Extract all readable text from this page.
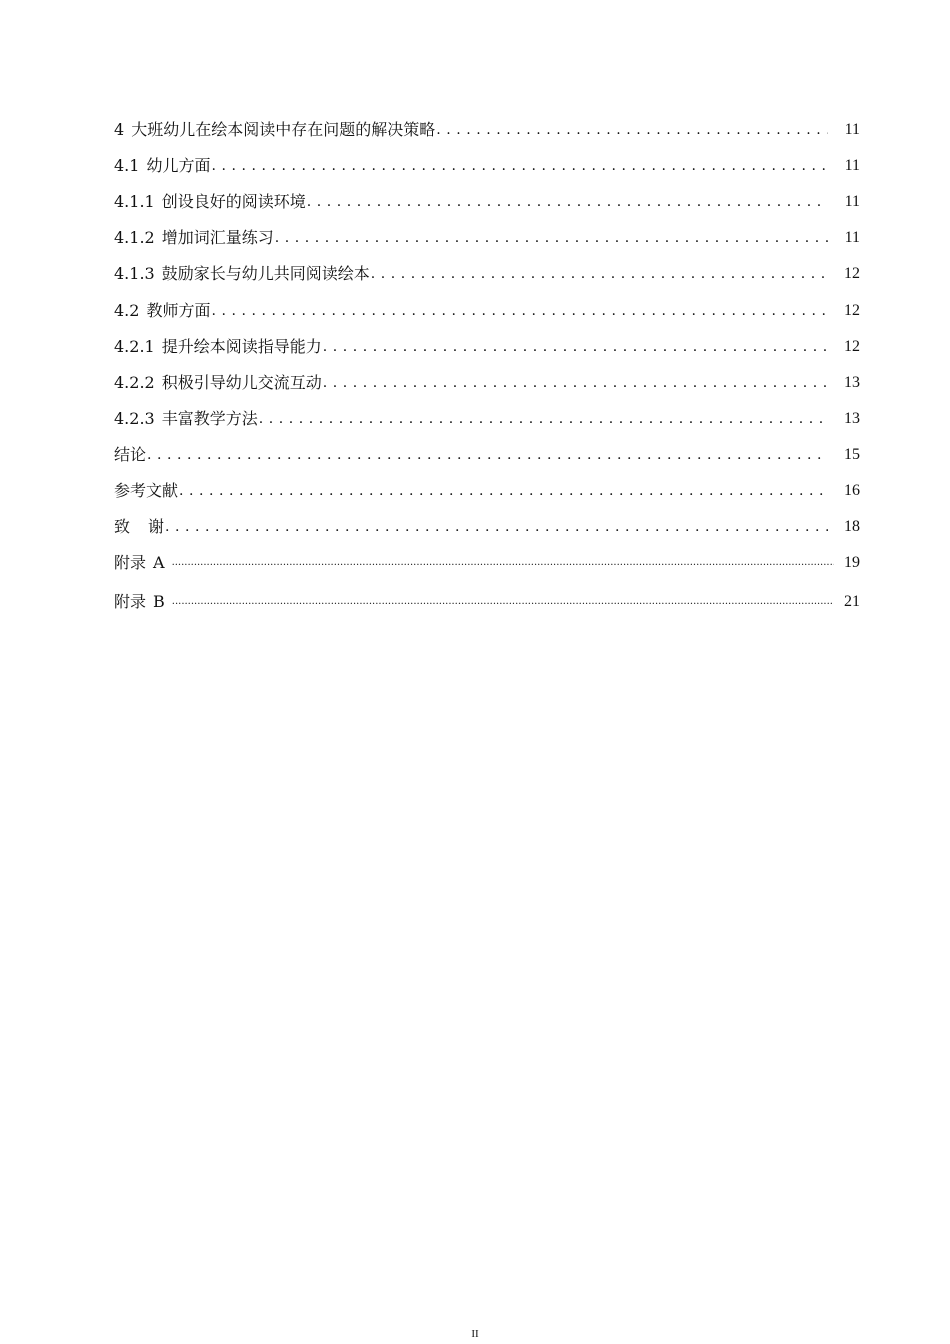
4 大班幼儿在绘本阅读中存在问题的解决策略 . . .	11
4.1 幼儿方面 . . .	11
4.1.1 创设良好的阅读环境 . . .	11
4.1.2 增加词汇量练习 . . .	11
4.1.3 鼓励家长与幼儿共同阅读绘本 . . .	12
4.2 教师方面 . . .	12
4.2.1 提升绘本阅读指导能力 . . .	12
4.2.2 积极引导幼儿交流互动 . . .	13
4.2.3 丰富教学方法 . . .	13
结论 . . .	15
参考文献 . . .	16
致 谢 . . .	18
附录 A .....	19
附录 B .....	21
II
